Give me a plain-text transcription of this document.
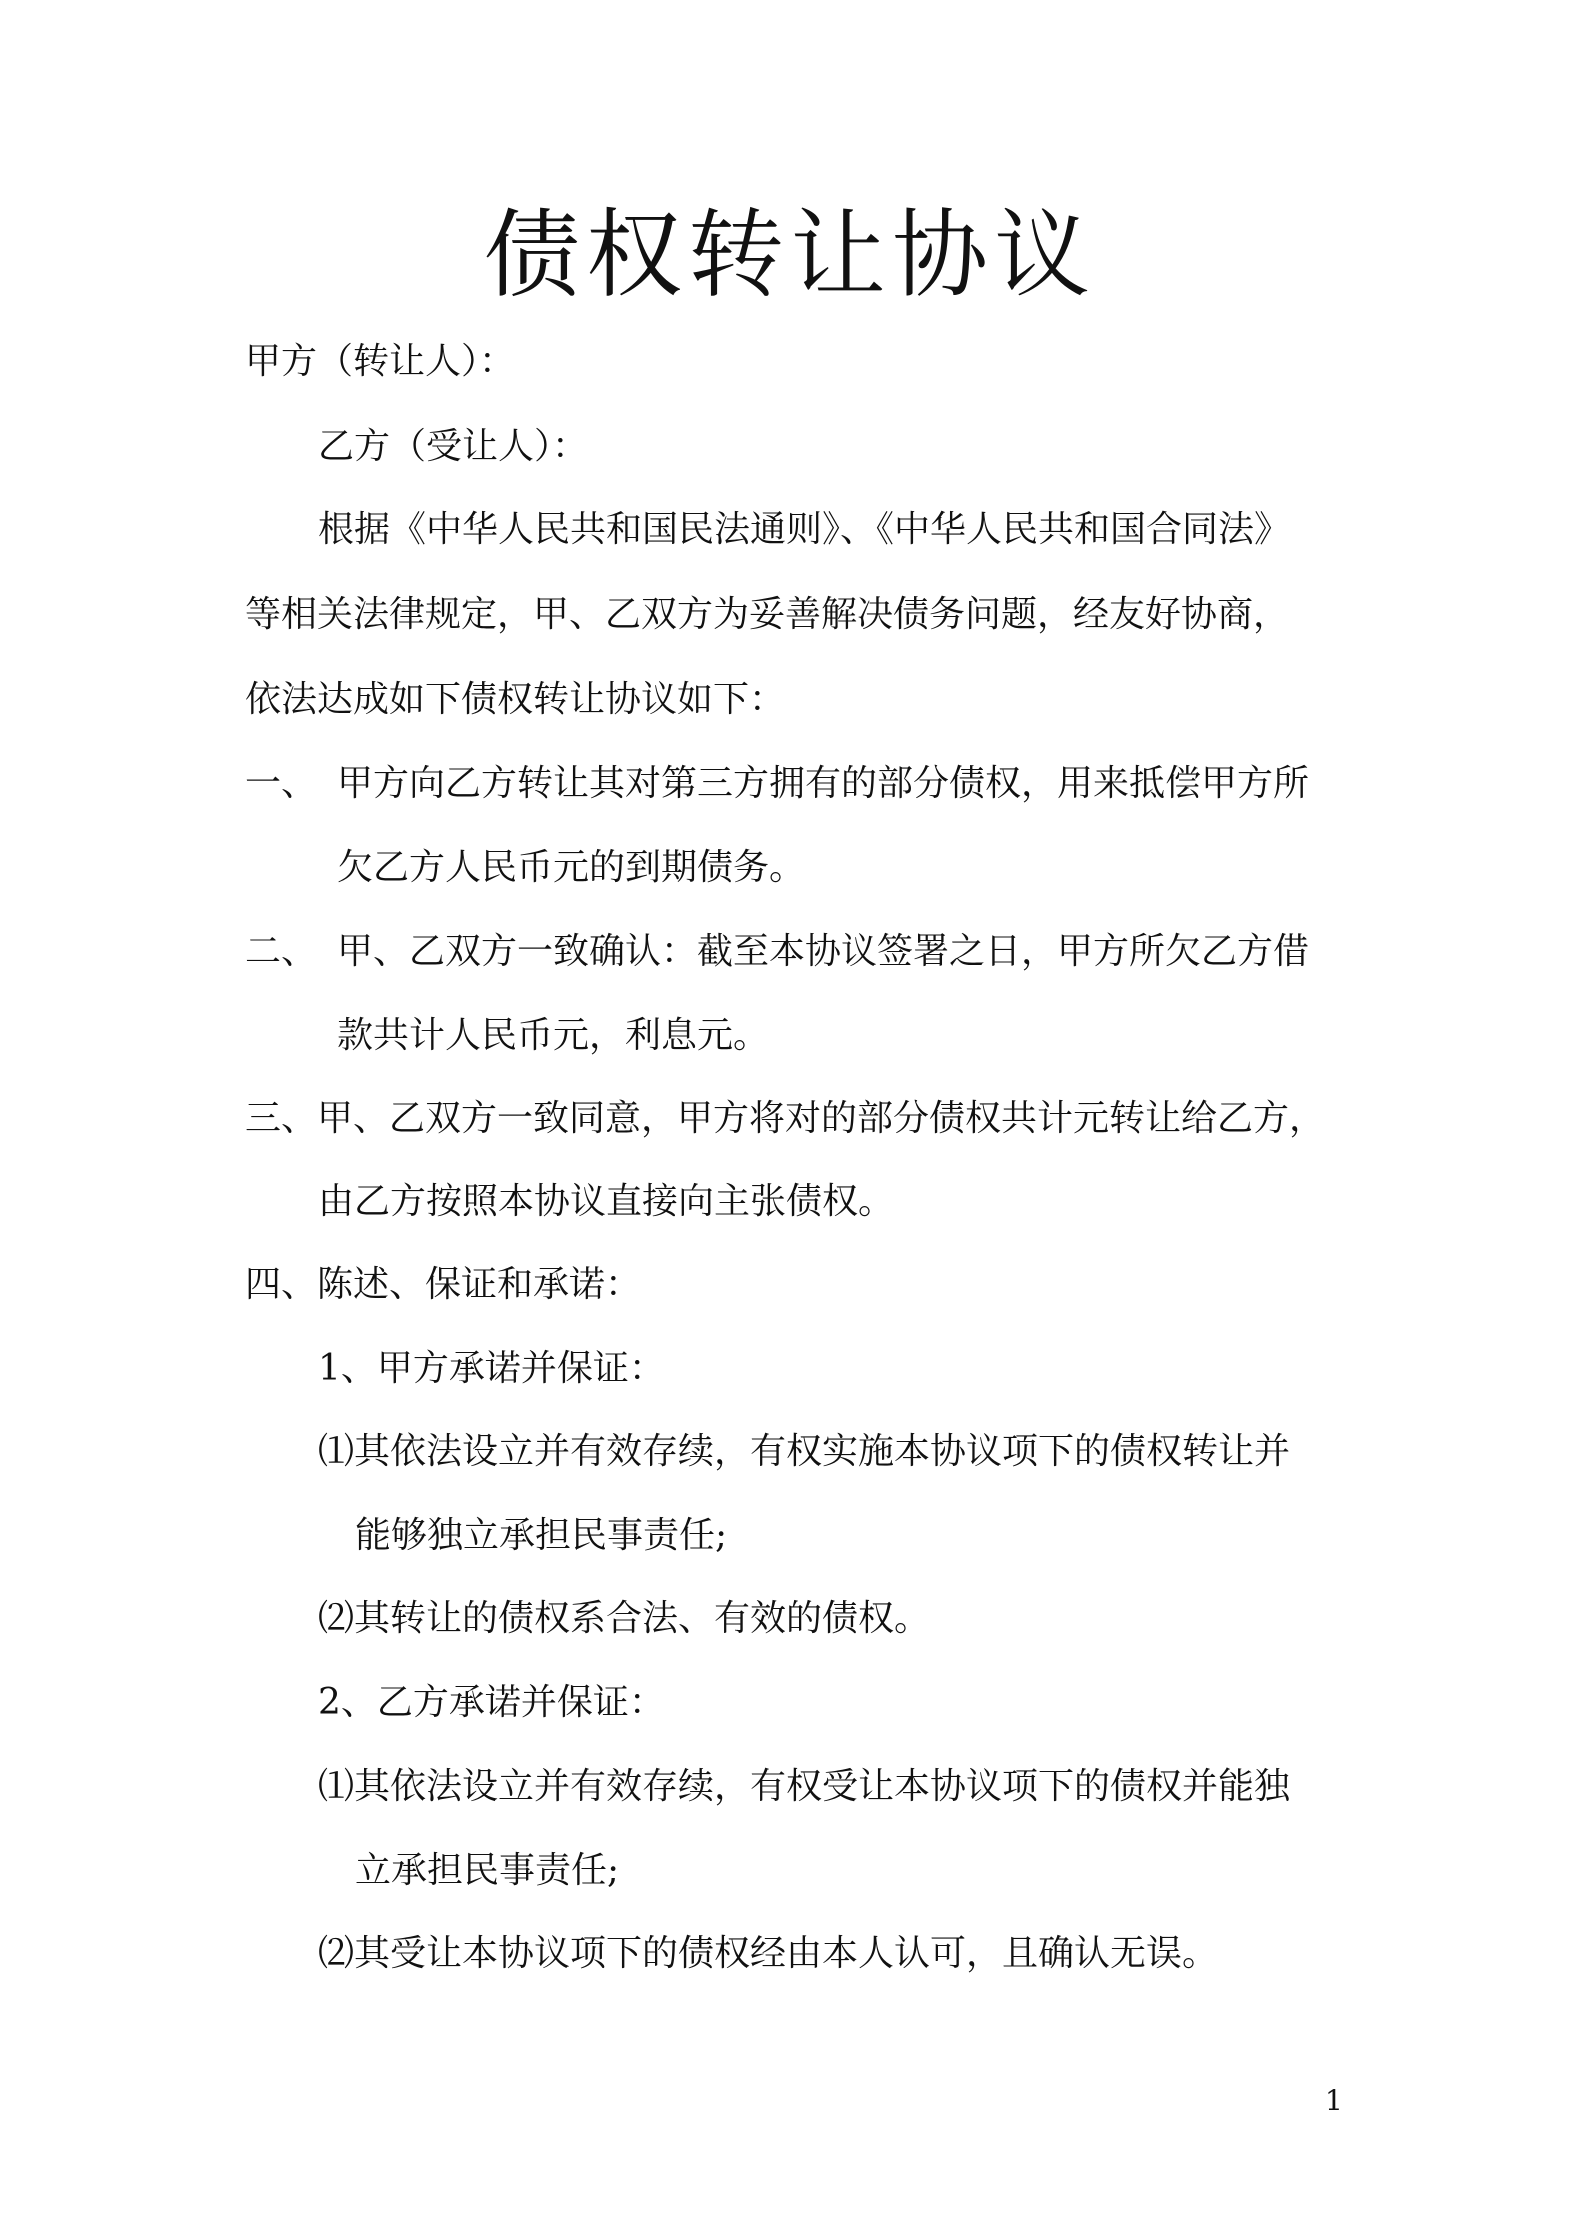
债权转让协议

甲方（转让人）：

乙方（受让人）：

根据《中华人民共和国民法通则》、《中华人民共和国合同法》

等相关法律规定，甲、乙双方为妥善解决债务问题，经友好协商，

依法达成如下债权转让协议如下：

一、 甲方向乙方转让其对第三方拥有的部分债权，用来抵偿甲方所

欠乙方人民币元的到期债务。

二、 甲、乙双方一致确认：截至本协议签署之日，甲方所欠乙方借

款共计人民币元，利息元。

三、甲、乙双方一致同意，甲方将对的部分债权共计元转让给乙方，

由乙方按照本协议直接向主张债权。

四、陈述、保证和承诺：

1、甲方承诺并保证：

⑴其依法设立并有效存续，有权实施本协议项下的债权转让并

能够独立承担民事责任;

⑵其转让的债权系合法、有效的债权。

2、乙方承诺并保证：

⑴其依法设立并有效存续，有权受让本协议项下的债权并能独

立承担民事责任;

⑵其受让本协议项下的债权经由本人认可，且确认无误。

1
